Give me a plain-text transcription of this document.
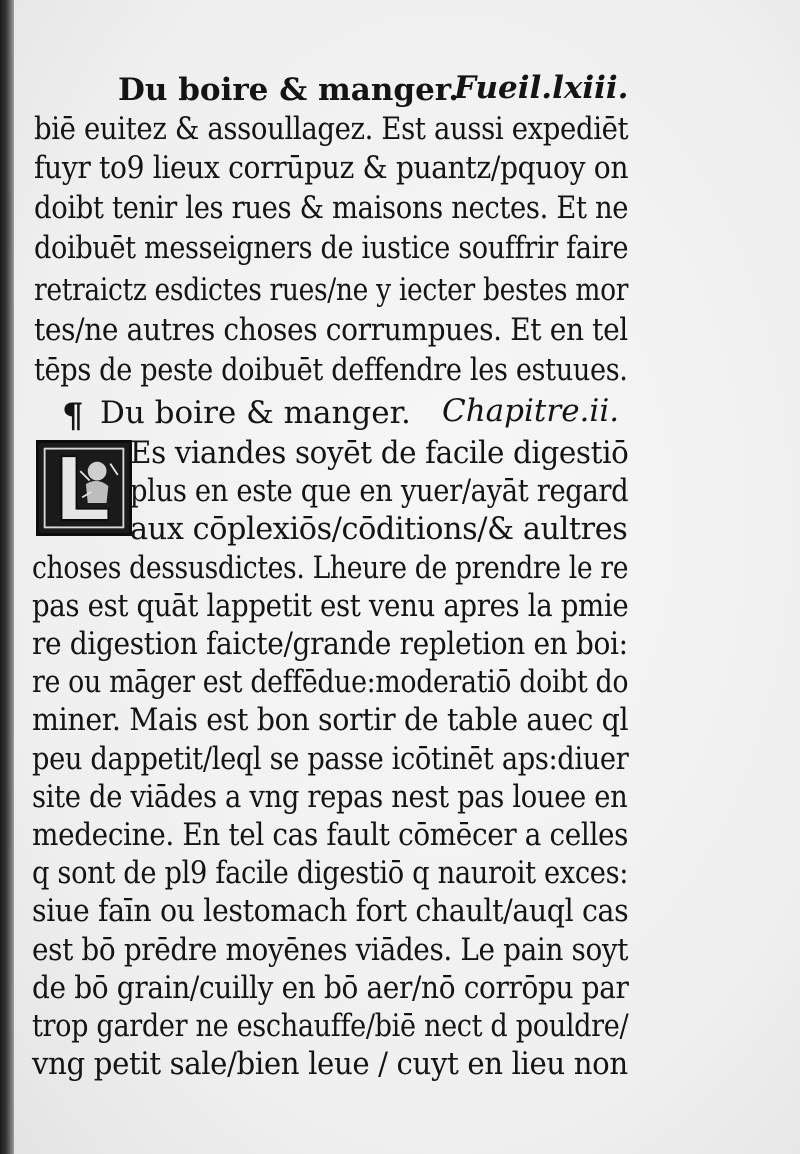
Du boire & manger.
Fueil.lxiii.
biē euitez & assoullagez. Est aussi expediēt
fuyr to9 lieux corrūpuz & puantz/pquoy on
doibt tenir les rues & maisons nectes. Et ne
doibuēt messeigners de iustice souffrir faire
retraictz esdictes rues/ne y iecter bestes mor
tes/ne autres choses corrumpues. Et en tel
tēps de peste doibuēt deffendre les estuues.
¶ Du boire & manger. Chapitre.ii.
Es viandes soyēt de facile digestiō
plus en este que en yuer/ayāt regard
aux cōplexiōs/cōditions/& aultres
choses dessusdictes. Lheure de prendre le re
pas est quāt lappetit est venu apres la pmie
re digestion faicte/grande repletion en boi:
re ou māger est deffēdue:moderatiō doibt do
miner. Mais est bon sortir de table auec ql
peu dappetit/leql se passe icōtinēt aps:diuer
site de viādes a vng repas nest pas louee en
medecine. En tel cas fault cōmēcer a celles
q sont de pl9 facile digestiō q nauroit exces:
siue faīn ou lestomach fort chault/auql cas
est bō prēdre moyēnes viādes. Le pain soyt
de bō grain/cuilly en bō aer/nō corrōpu par
trop garder ne eschauffe/biē nect d pouldre/
vng petit sale/bien leue / cuyt en lieu non
